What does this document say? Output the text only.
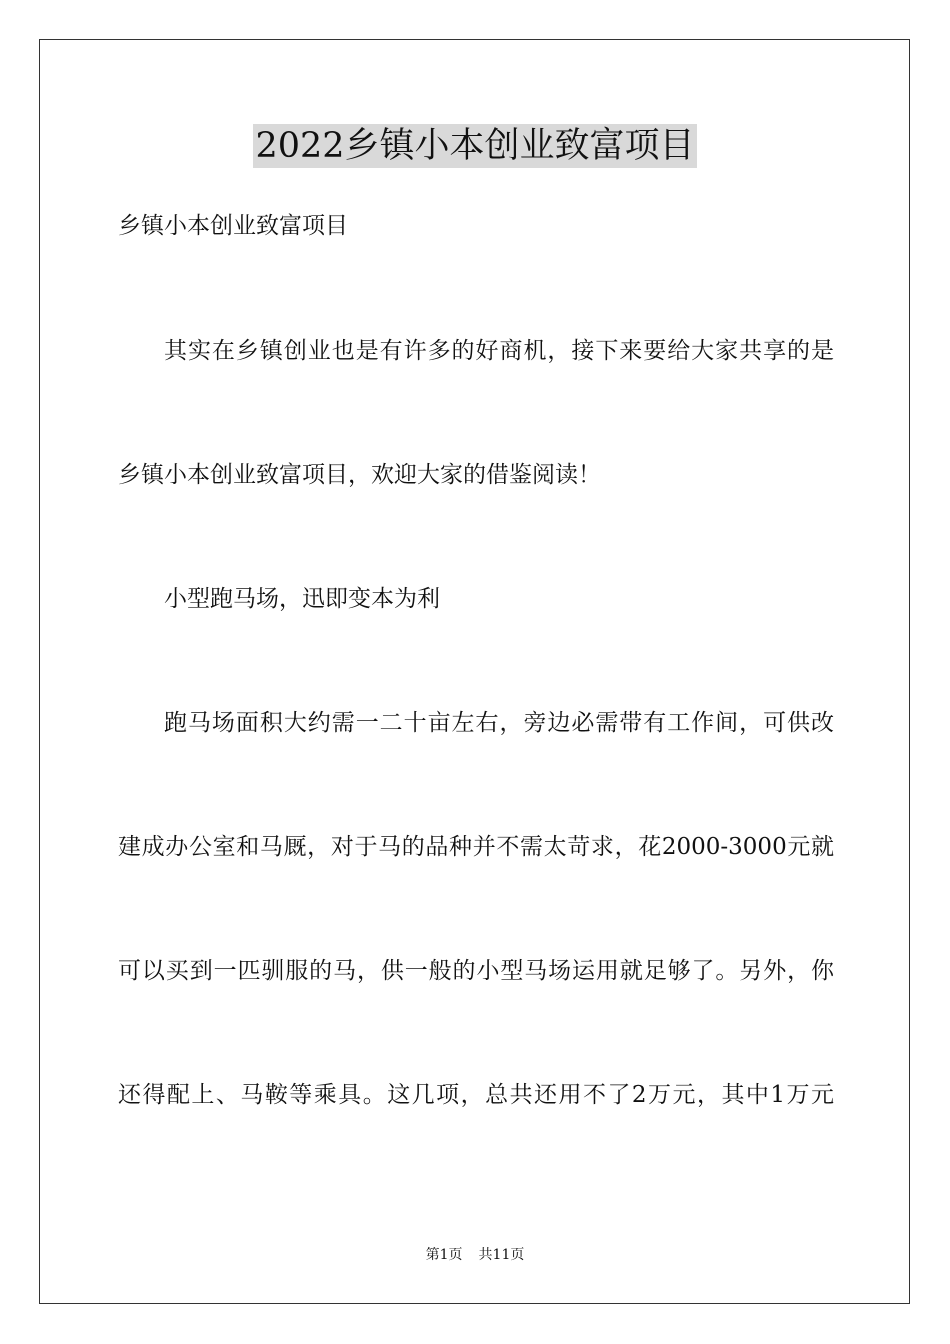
2022乡镇小本创业致富项目
乡镇小本创业致富项目
其实在乡镇创业也是有许多的好商机，接下来要给大家共享的是
乡镇小本创业致富项目，欢迎大家的借鉴阅读！
小型跑马场，迅即变本为利
跑马场面积大约需一二十亩左右，旁边必需带有工作间，可供改
建成办公室和马厩，对于马的品种并不需太苛求，花2000-3000元就
可以买到一匹驯服的马，供一般的小型马场运用就足够了。另外，你
还得配上、马鞍等乘具。这几项，总共还用不了2万元，其中1万元
第1页 共11页
